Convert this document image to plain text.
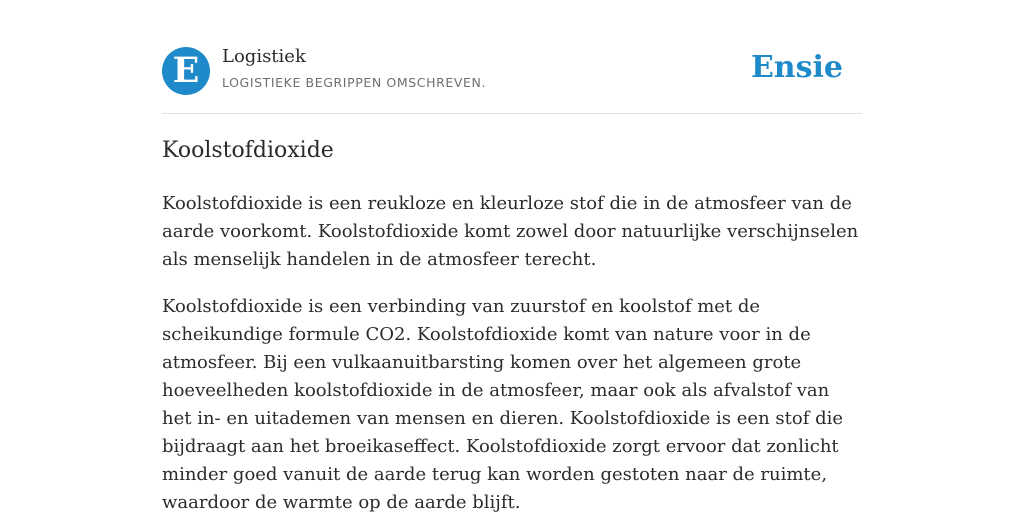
E	Logistiek
LOGISTIEKE BEGRIPPEN OMSCHREVEN.	Ensie
Koolstofdioxide

Koolstofdioxide is een reukloze en kleurloze stof die in de atmosfeer van de aarde voorkomt. Koolstofdioxide komt zowel door natuurlijke verschijnselen als menselijk handelen in de atmosfeer terecht.

Koolstofdioxide is een verbinding van zuurstof en koolstof met de scheikundige formule CO2. Koolstofdioxide komt van nature voor in de atmosfeer. Bij een vulkaanuitbarsting komen over het algemeen grote hoeveelheden koolstofdioxide in de atmosfeer, maar ook als afvalstof van het in- en uitademen van mensen en dieren. Koolstofdioxide is een stof die bijdraagt aan het broeikaseffect. Koolstofdioxide zorgt ervoor dat zonlicht minder goed vanuit de aarde terug kan worden gestoten naar de ruimte, waardoor de warmte op de aarde blijft.
